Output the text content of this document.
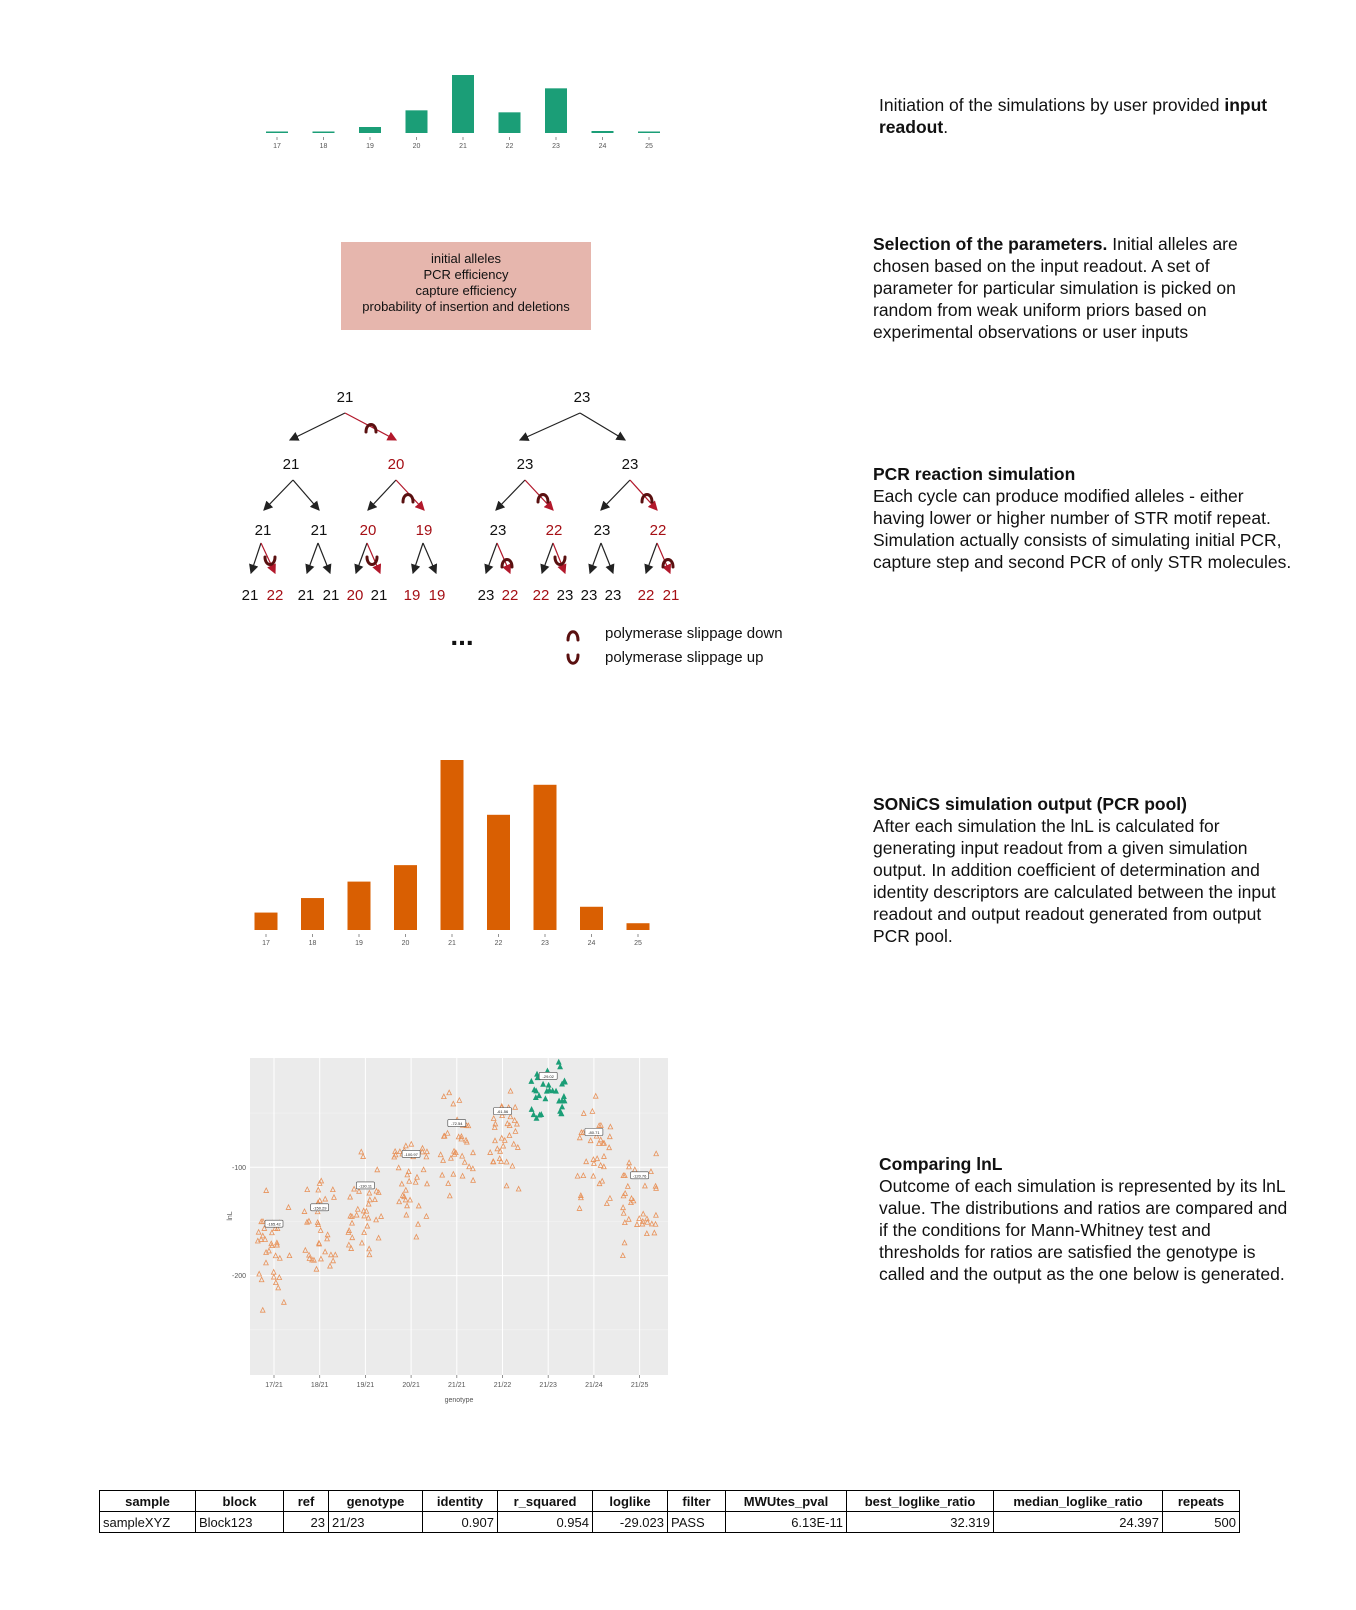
17	18	19	20	21	22	23	24	25
Initiation of the simulations by user provided input readout.
initial alleles
PCR efficiency
capture efficiency
probability of insertion and deletions
Selection of the parameters. Initial alleles are chosen based on the input readout. A set of parameter for particular simulation is picked on random from weak uniform priors based on experimental observations or user inputs
21
21	20
21	21 20	19
21 22 21 21 20 21 19 19
23
23	23
23	22 23	22
23 22 22 23 23 23 22 21
...	polymerase slippage down
polymerase slippage up
PCR reaction simulation
Each cycle can produce modified alleles - either having lower or higher number of STR motif repeat. Simulation actually consists of simulating initial PCR, capture step and second PCR of only STR molecules.
17	18	19	20	21	22	23	24	25
SONiCS simulation output (PCR pool)
After each simulation the lnL is calculated for generating input readout from a given simulation output. In addition coefficient of determination and identity descriptors are calculated between the input readout and output readout generated from output PCR pool.
-100
-200
lnL
genotype
-165.42
17/21
-150.29
18/21
-130.11
19/21
-100.97
20/21
-72.54
21/21
-61.56
21/22
-29.02
21/23
-80.71
21/24
-120.76
21/25
Comparing lnL
Outcome of each simulation is represented by its lnL value. The distributions and ratios are compared and if the conditions for Mann-Whitney test and thresholds for ratios are satisfied the genotype is called and the output as the one below is generated.
sample	block	ref	genotype	identity	r_squared	loglike	filter	MWUtes_pval	best_loglike_ratio	median_loglike_ratio	repeats
sampleXYZ	Block123	23	21/23	0.907	0.954	-29.023	PASS	6.13E-11	32.319	24.397	500
